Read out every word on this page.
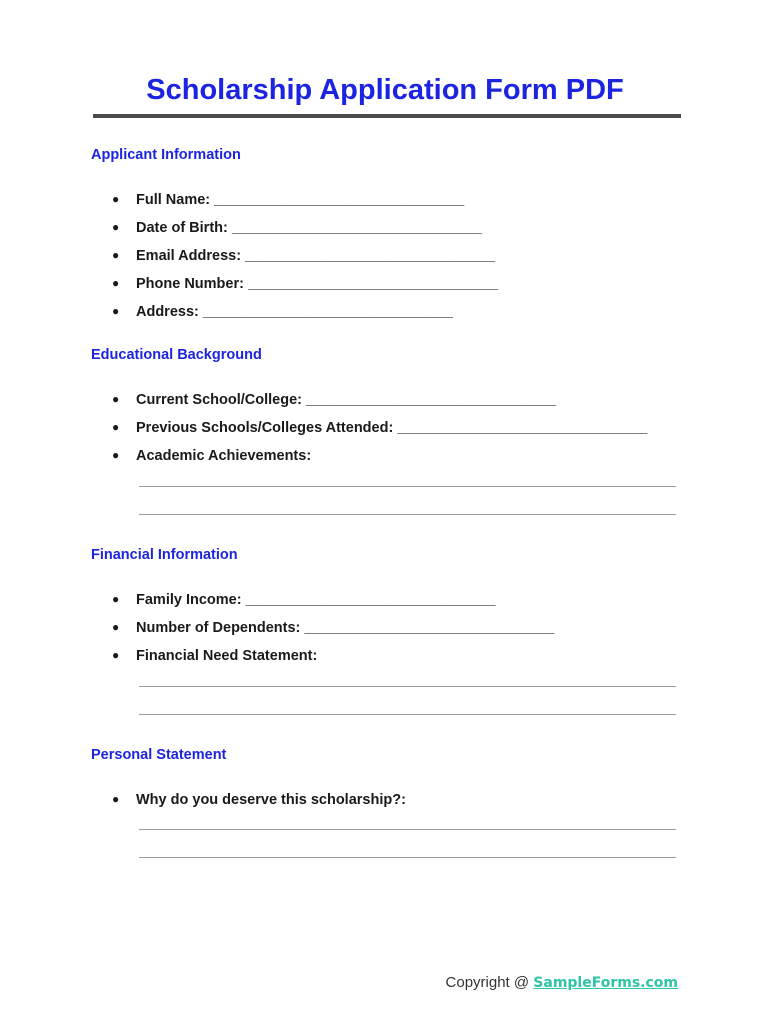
Scholarship Application Form PDF
Applicant Information
● Full Name: _______________________________
● Date of Birth: _______________________________
● Email Address: _______________________________
● Phone Number: _______________________________
● Address: _______________________________
Educational Background
● Current School/College: _______________________________
● Previous Schools/Colleges Attended: _______________________________
● Academic Achievements:
Financial Information
● Family Income: _______________________________
● Number of Dependents: _______________________________
● Financial Need Statement:
Personal Statement
● Why do you deserve this scholarship?:
Copyright @ SampleForms.com
